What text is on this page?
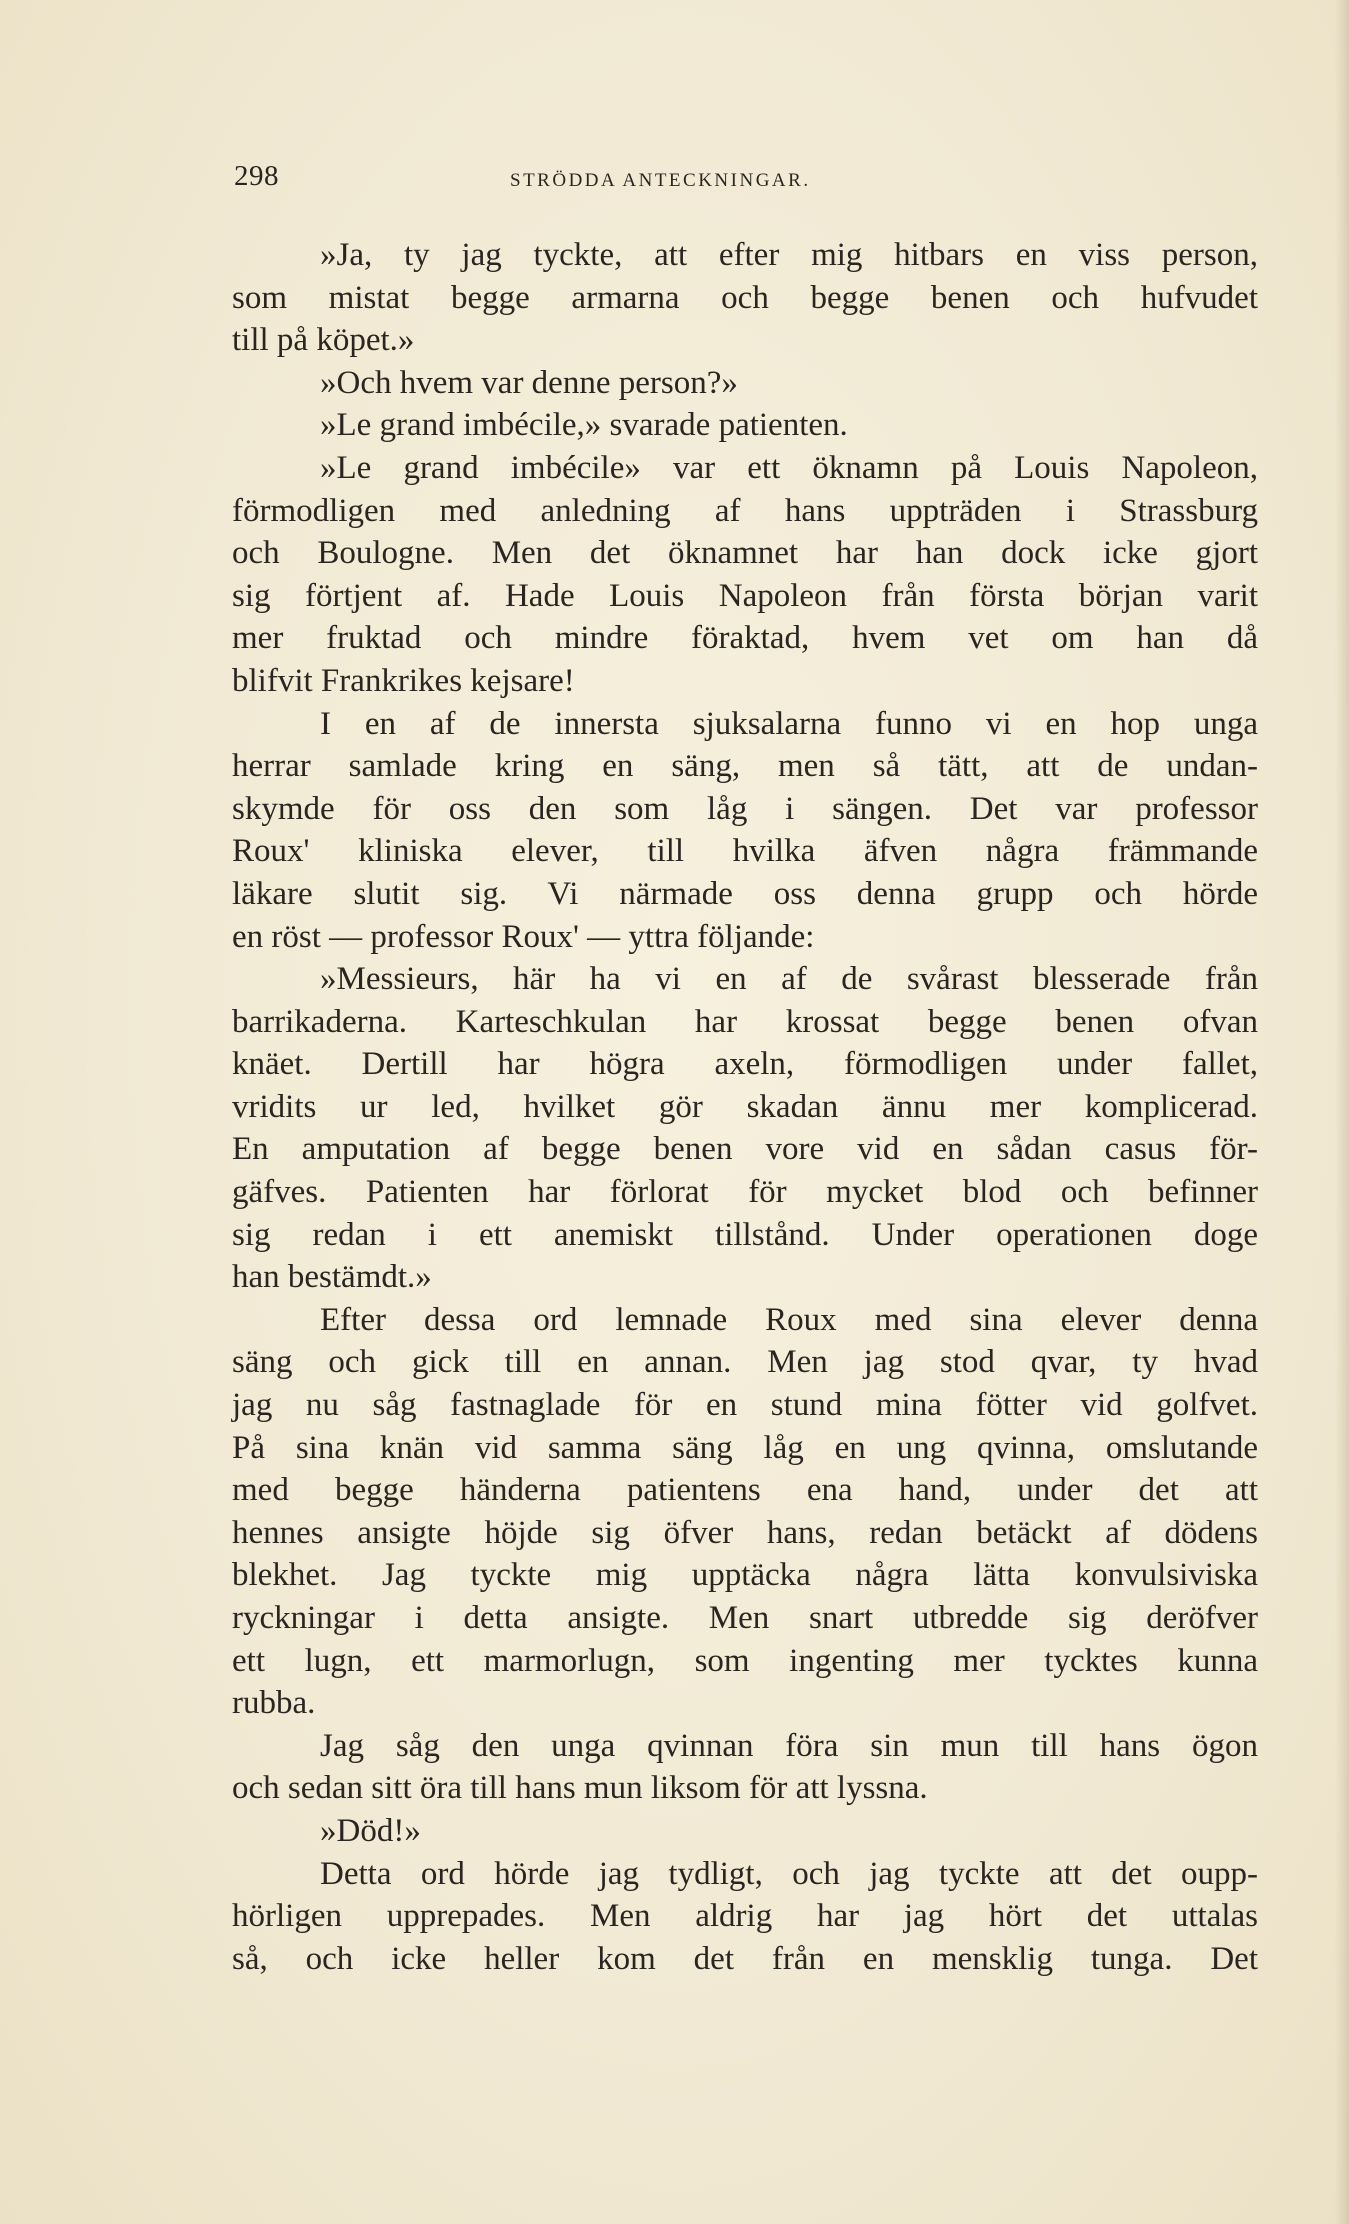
298	STRÖDDA ANTECKNINGAR.
»Ja, ty jag tyckte, att efter mig hitbars en viss person,
som mistat begge armarna och begge benen och hufvudet
till på köpet.»
»Och hvem var denne person?»
»Le grand imbécile,» svarade patienten.
»Le grand imbécile» var ett öknamn på Louis Napoleon,
förmodligen med anledning af hans uppträden i Strassburg
och Boulogne. Men det öknamnet har han dock icke gjort
sig förtjent af. Hade Louis Napoleon från första början varit
mer fruktad och mindre föraktad, hvem vet om han då
blifvit Frankrikes kejsare!
I en af de innersta sjuksalarna funno vi en hop unga
herrar samlade kring en säng, men så tätt, att de undan-
skymde för oss den som låg i sängen. Det var professor
Roux' kliniska elever, till hvilka äfven några främmande
läkare slutit sig. Vi närmade oss denna grupp och hörde
en röst — professor Roux' — yttra följande:
»Messieurs, här ha vi en af de svårast blesserade från
barrikaderna. Karteschkulan har krossat begge benen ofvan
knäet. Dertill har högra axeln, förmodligen under fallet,
vridits ur led, hvilket gör skadan ännu mer komplicerad.
En amputation af begge benen vore vid en sådan casus för-
gäfves. Patienten har förlorat för mycket blod och befinner
sig redan i ett anemiskt tillstånd. Under operationen doge
han bestämdt.»
Efter dessa ord lemnade Roux med sina elever denna
säng och gick till en annan. Men jag stod qvar, ty hvad
jag nu såg fastnaglade för en stund mina fötter vid golfvet.
På sina knän vid samma säng låg en ung qvinna, omslutande
med begge händerna patientens ena hand, under det att
hennes ansigte höjde sig öfver hans, redan betäckt af dödens
blekhet. Jag tyckte mig upptäcka några lätta konvulsiviska
ryckningar i detta ansigte. Men snart utbredde sig deröfver
ett lugn, ett marmorlugn, som ingenting mer tycktes kunna
rubba.
Jag såg den unga qvinnan föra sin mun till hans ögon
och sedan sitt öra till hans mun liksom för att lyssna.
»Död!»
Detta ord hörde jag tydligt, och jag tyckte att det oupp-
hörligen upprepades. Men aldrig har jag hört det uttalas
så, och icke heller kom det från en mensklig tunga. Det
